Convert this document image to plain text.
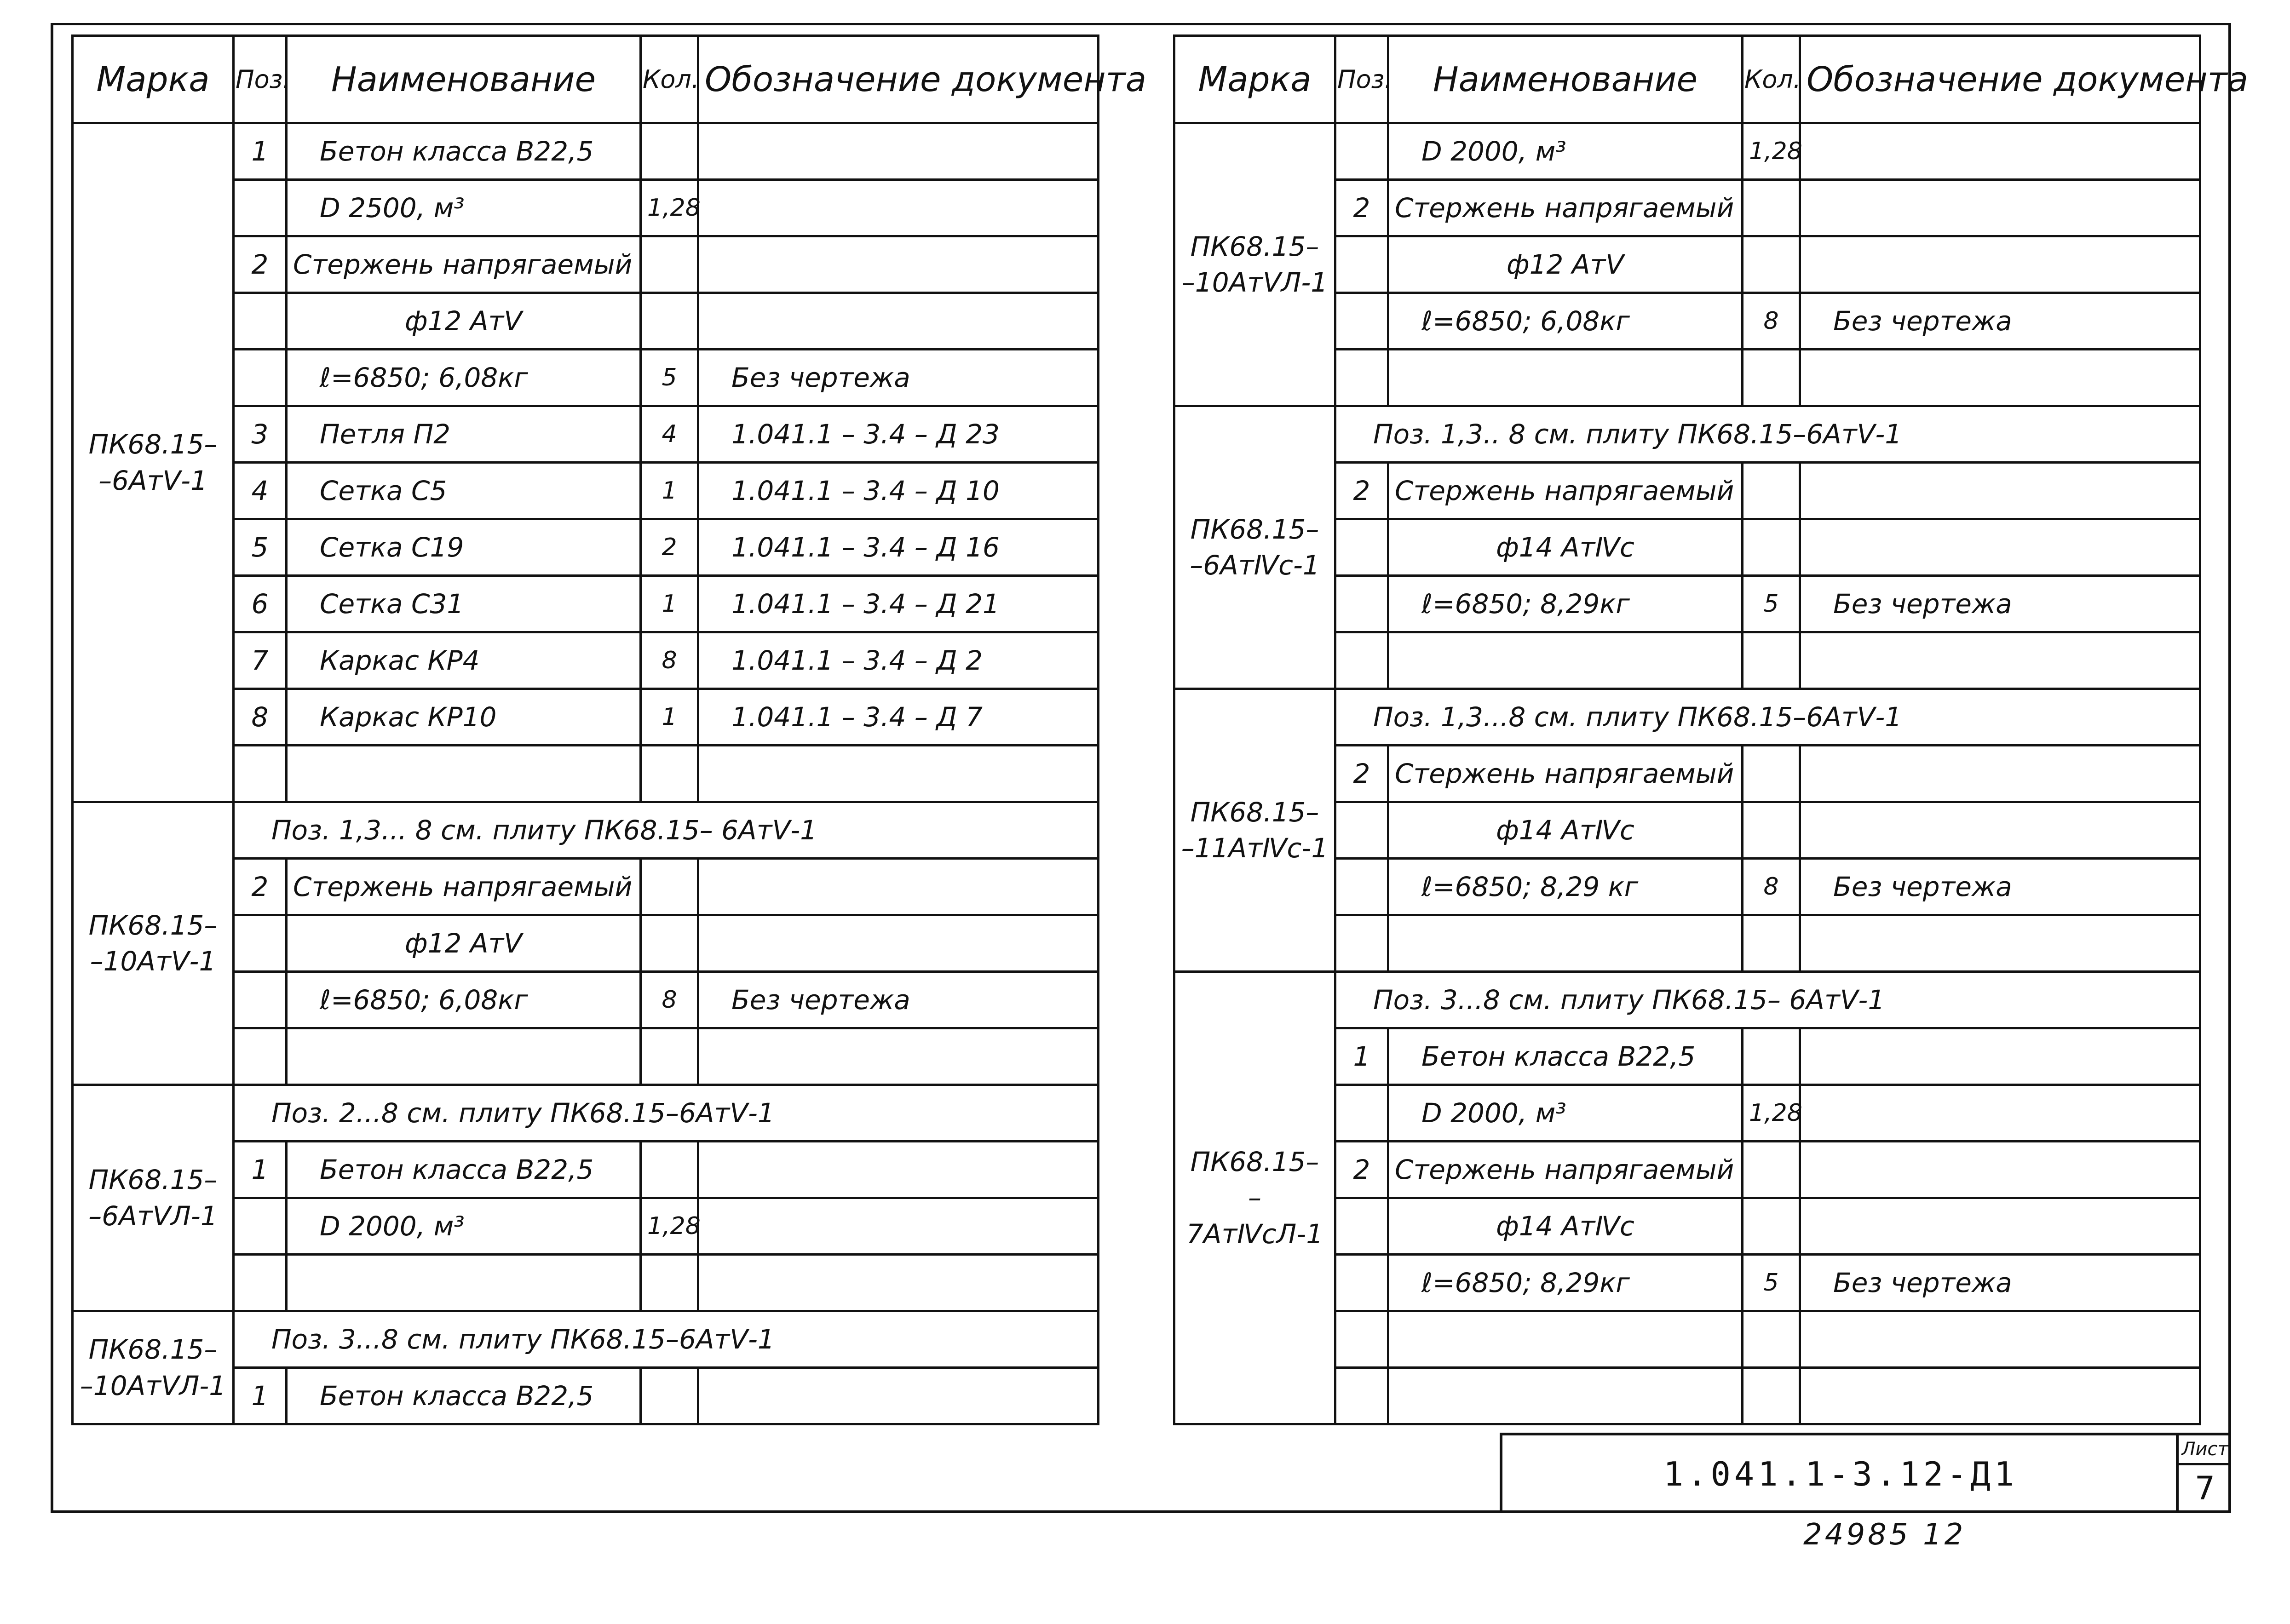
Марка	Поз.	Наименование	Кол.	Обозначение документа
ПК68.15–
–6АтⅤ-1	1	Бетон класса В22,5		
		D 2500, м³	1,28	
	2	Стержень напрягаемый		
		ф12 АтⅤ		
		ℓ=6850; 6,08кг	5	Без чертежа
	3	Петля П2	4	1.041.1 – 3.4 – Д 23
	4	Сетка С5	1	1.041.1 – 3.4 – Д 10
	5	Сетка С19	2	1.041.1 – 3.4 – Д 16
	6	Сетка С31	1	1.041.1 – 3.4 – Д 21
	7	Каркас КР4	8	1.041.1 – 3.4 – Д 2
	8	Каркас КР10	1	1.041.1 – 3.4 – Д 7

ПК68.15–
–10АтⅤ-1	Поз. 1,3... 8 см. плиту ПК68.15– 6АтⅤ-1			
	2	Стержень напрягаемый		
		ф12 АтⅤ		
		ℓ=6850; 6,08кг	8	Без чертежа

ПК68.15–
–6АтⅤЛ-1	Поз. 2...8 см. плиту ПК68.15–6АтⅤ-1			
	1	Бетон класса В22,5		
		D 2000, м³	1,28	

ПК68.15–
–10АтⅤЛ-1	Поз. 3...8 см. плиту ПК68.15–6АтⅤ-1			
	1	Бетон класса В22,5		
Марка	Поз.	Наименование	Кол.	Обозначение документа
ПК68.15–
–10АтⅤЛ-1		D 2000, м³	1,28	
	2	Стержень напрягаемый		
		ф12 АтⅤ		
		ℓ=6850; 6,08кг	8	Без чертежа

ПК68.15–
–6АтⅣс-1	Поз. 1,3.. 8 см. плиту ПК68.15–6АтⅤ-1			
	2	Стержень напрягаемый		
		ф14 АтⅣс		
		ℓ=6850; 8,29кг	5	Без чертежа

ПК68.15–
–11АтⅣс-1	Поз. 1,3...8 см. плиту ПК68.15–6АтⅤ-1			
	2	Стержень напрягаемый		
		ф14 АтⅣс		
		ℓ=6850; 8,29 кг	8	Без чертежа

ПК68.15–
–7АтⅣсЛ-1	Поз. 3...8 см. плиту ПК68.15– 6АтⅤ-1			
	1	Бетон класса В22,5		
		D 2000, м³	1,28	
	2	Стержень напрягаемый		
		ф14 АтⅣс		
		ℓ=6850; 8,29кг	5	Без чертежа

1.041.1-3.12-Д1
Лист
7
24985 12
